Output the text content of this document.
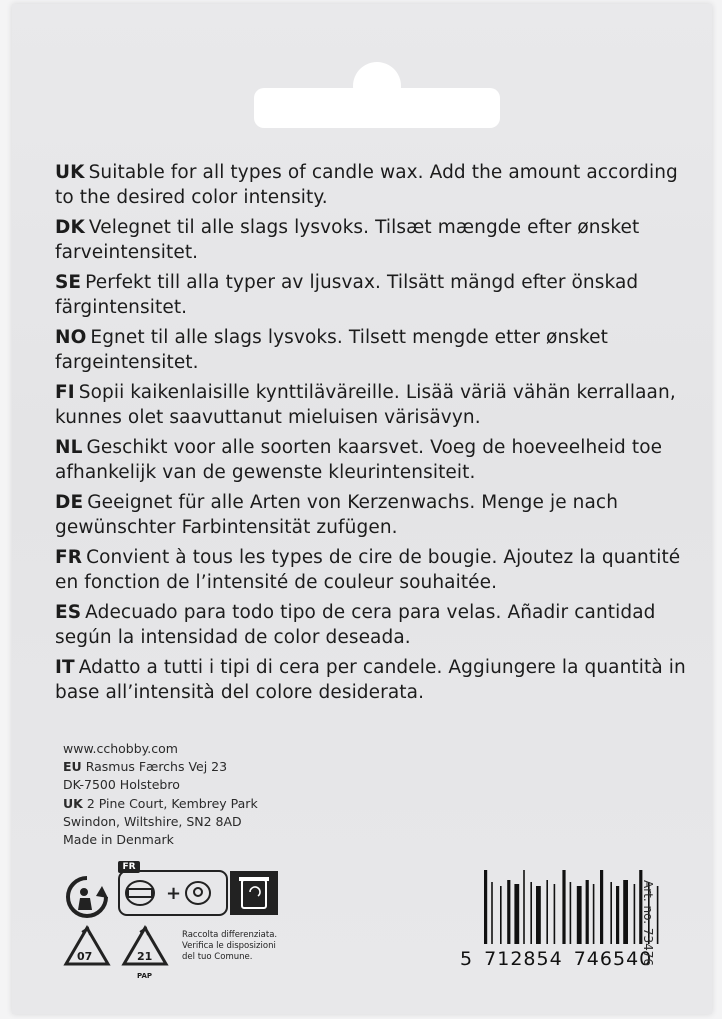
UK Suitable for all types of candle wax. Add the amount according to the desired color intensity.

DK Velegnet til alle slags lysvoks. Tilsæt mængde efter ønsket farveintensitet.

SE Perfekt till alla typer av ljusvax. Tilsätt mängd efter önskad färgintensitet.

NO Egnet til alle slags lysvoks. Tilsett mengde etter ønsket fargeintensitet.

FI Sopii kaikenlaisille kynttiläväreille. Lisää väriä vähän kerrallaan, kunnes olet saavuttanut mieluisen värisävyn.

NL Geschikt voor alle soorten kaarsvet. Voeg de hoeveelheid toe afhankelijk van de gewenste kleurintensiteit.

DE Geeignet für alle Arten von Kerzenwachs. Menge je nach gewünschter Farbintensität zufügen.

FR Convient à tous les types de cire de bougie. Ajoutez la quantité en fonction de l’intensité de couleur souhaitée.

ES Adecuado para todo tipo de cera para velas. Añadir cantidad según la intensidad de color deseada.

IT Adatto a tutti i tipi di cera per candele. Aggiungere la quantità in base all’intensità del colore desiderata.

www.cchobby.com
EU Rasmus Færchs Vej 23
DK-7500 Holstebro
UK 2 Pine Court, Kembrey Park
Swindon, Wiltshire, SN2 8AD
Made in Denmark
FR
+
07	21
PAP
Raccolta differenziata.
Verifica le disposizioni
del tuo Comune.	5 712854 746540
Art. no. 73476
